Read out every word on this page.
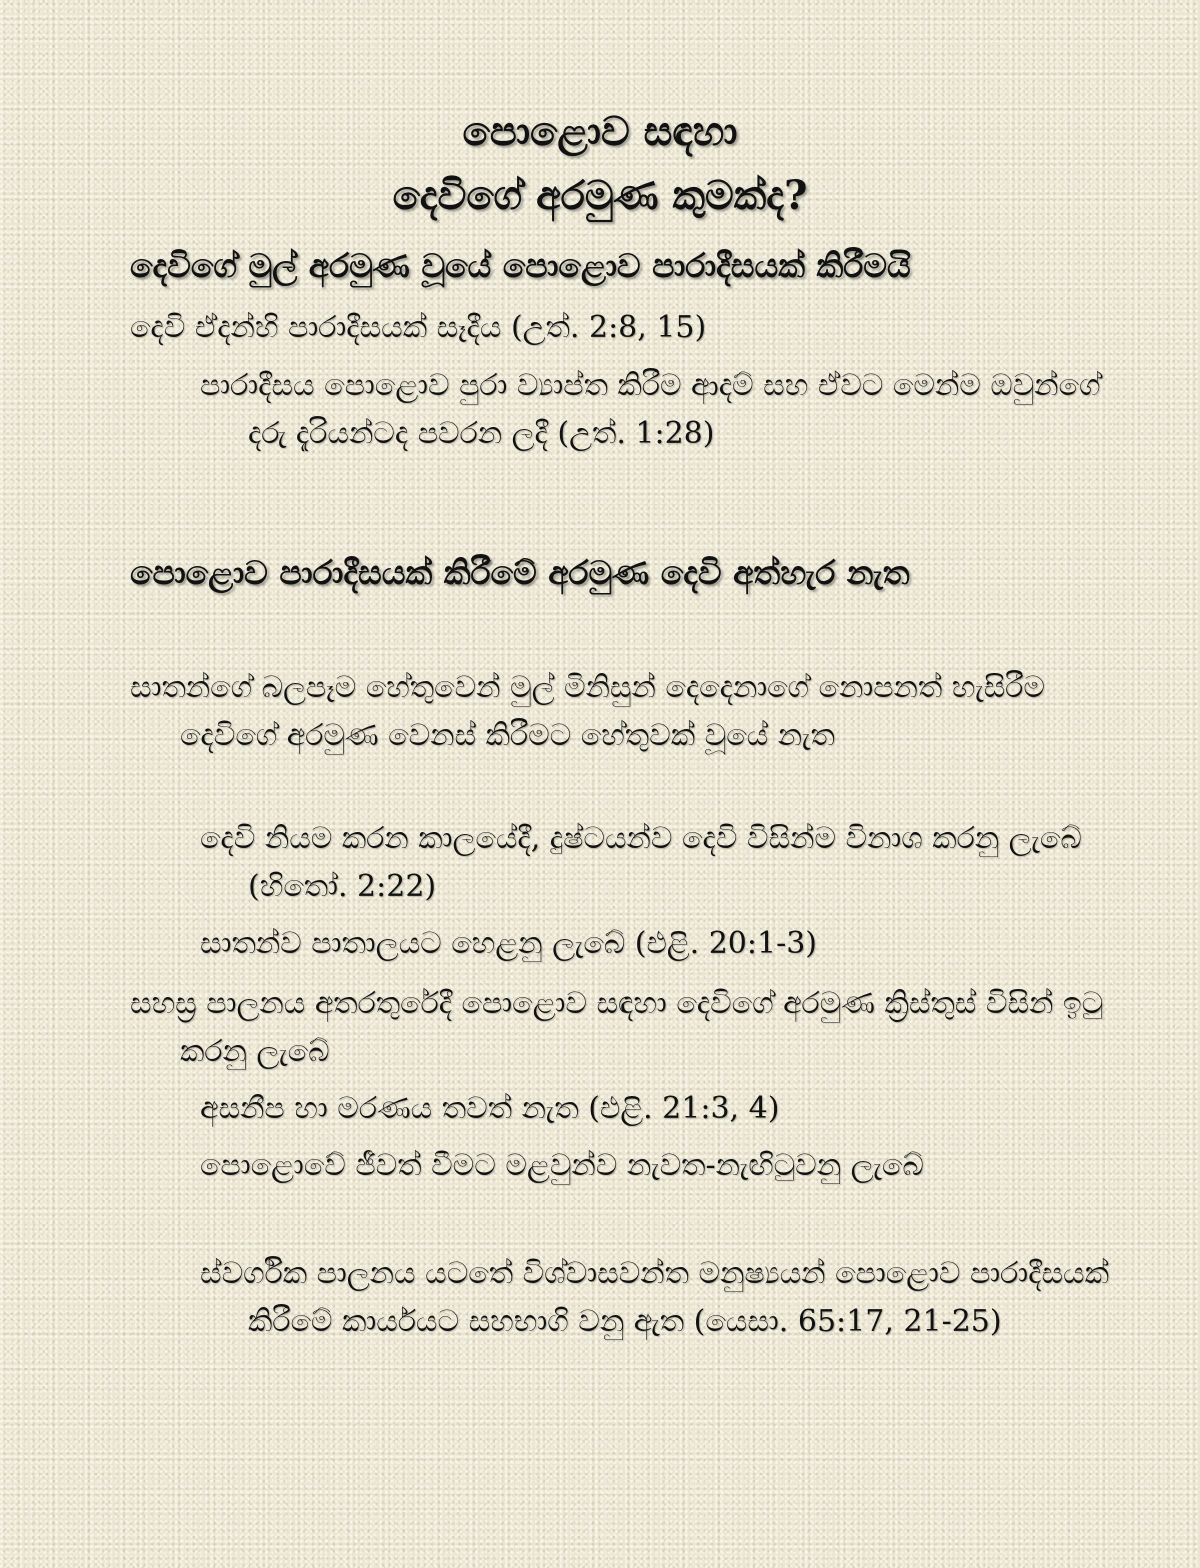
පොළොව සඳහා
දෙවිගේ අරමුණ කුමක්ද?
දෙවිගේ මුල් අරමුණ වූයේ පොළොව පාරාදීසයක් කිරීමයි
දෙවි ඒදන්හි පාරාදීසයක් සෑදීය (උත්. 2:8, 15)
පාරාදීසය පොළොව පුරා ව්‍යාප්ත කිරීම ආදම් සහ ඒවට මෙන්ම ඔවුන්ගේ දරු දැරියන්ටද පවරන ලදී (උත්. 1:28)
පොළොව පාරාදීසයක් කිරීමේ අරමුණ දෙවි අත්හැර නැත
සාතන්ගේ බලපෑම හේතුවෙන් මුල් මිනිසුන් දෙදෙනාගේ නොපනත් හැසිරීම දෙවිගේ අරමුණ වෙනස් කිරීමට හේතුවක් වූයේ නැත
දෙවි නියම කරන කාලයේදී, දුෂ්ටයන්ව දෙවි විසින්ම විනාශ කරනු ලැබේ (හිතෝ. 2:22)
සාතන්ව පාතාලයට හෙළනු ලැබේ (එළි. 20:1-3)
සහස්‍ර පාලනය අතරතුරේදී පොළොව සඳහා දෙවිගේ අරමුණ ක්‍රිස්තුස් විසින් ඉටු කරනු ලැබේ
අසනීප හා මරණය තවත් නැත (එළි. 21:3, 4)
පොළොවේ ජීවත් වීමට මළවුන්ව නැවත-නැඟිටුවනු ලැබේ
ස්වර්ගික පාලනය යටතේ විශ්වාසවන්ත මනුෂ්‍යයන් පොළොව පාරාදීසයක් කිරීමේ කාර්යයට සහභාගි වනු ඇත (යෙසා. 65:17, 21-25)
